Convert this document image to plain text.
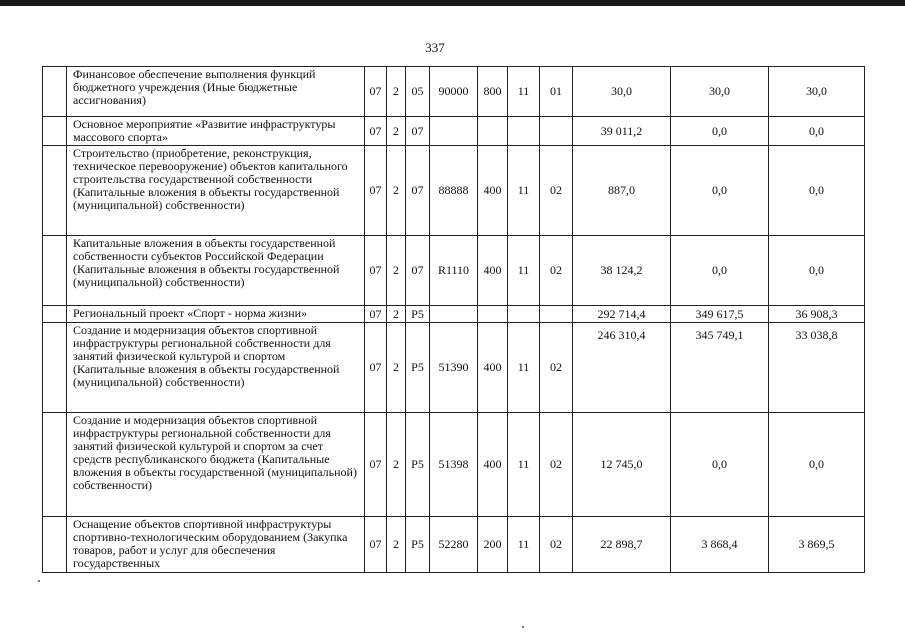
337
	Финансовое обеспечение выполнения функций бюджетного учреждения (Иные бюджетные ассигнования)	07	2	05	90000	800	11	01	30,0	30,0	30,0
	Основное мероприятие «Развитие инфраструктуры массового спорта»	07	2	07					39 011,2	0,0	0,0
	Строительство (приобретение, реконструкция, техническое перевооружение) объектов капитального строительства государственной собственности (Капитальные вложения в объекты государственной (муниципальной) собственности)	07	2	07	88888	400	11	02	887,0	0,0	0,0
	Капитальные вложения в объекты государственной собственности субъектов Российской Федерации (Капитальные вложения в объекты государственной (муниципальной) собственности)	07	2	07	R1110	400	11	02	38 124,2	0,0	0,0
	Региональный проект «Спорт - норма жизни»	07	2	P5					292 714,4	349 617,5	36 908,3
	Создание и модернизация объектов спортивной инфраструктуры региональной собственности для занятий физической культурой и спортом (Капитальные вложения в объекты государственной (муниципальной) собственности)	07	2	P5	51390	400	11	02	246 310,4	345 749,1	33 038,8
	Создание и модернизация объектов спортивной инфраструктуры региональной собственности для занятий физической культурой и спортом за счет средств республиканского бюджета (Капитальные вложения в объекты государственной (муниципальной) собственности)	07	2	P5	51398	400	11	02	12 745,0	0,0	0,0
	Оснащение объектов спортивной инфраструктуры спортивно-технологическим оборудованием (Закупка товаров, работ и услуг для обеспечения государственных	07	2	P5	52280	200	11	02	22 898,7	3 868,4	3 869,5
